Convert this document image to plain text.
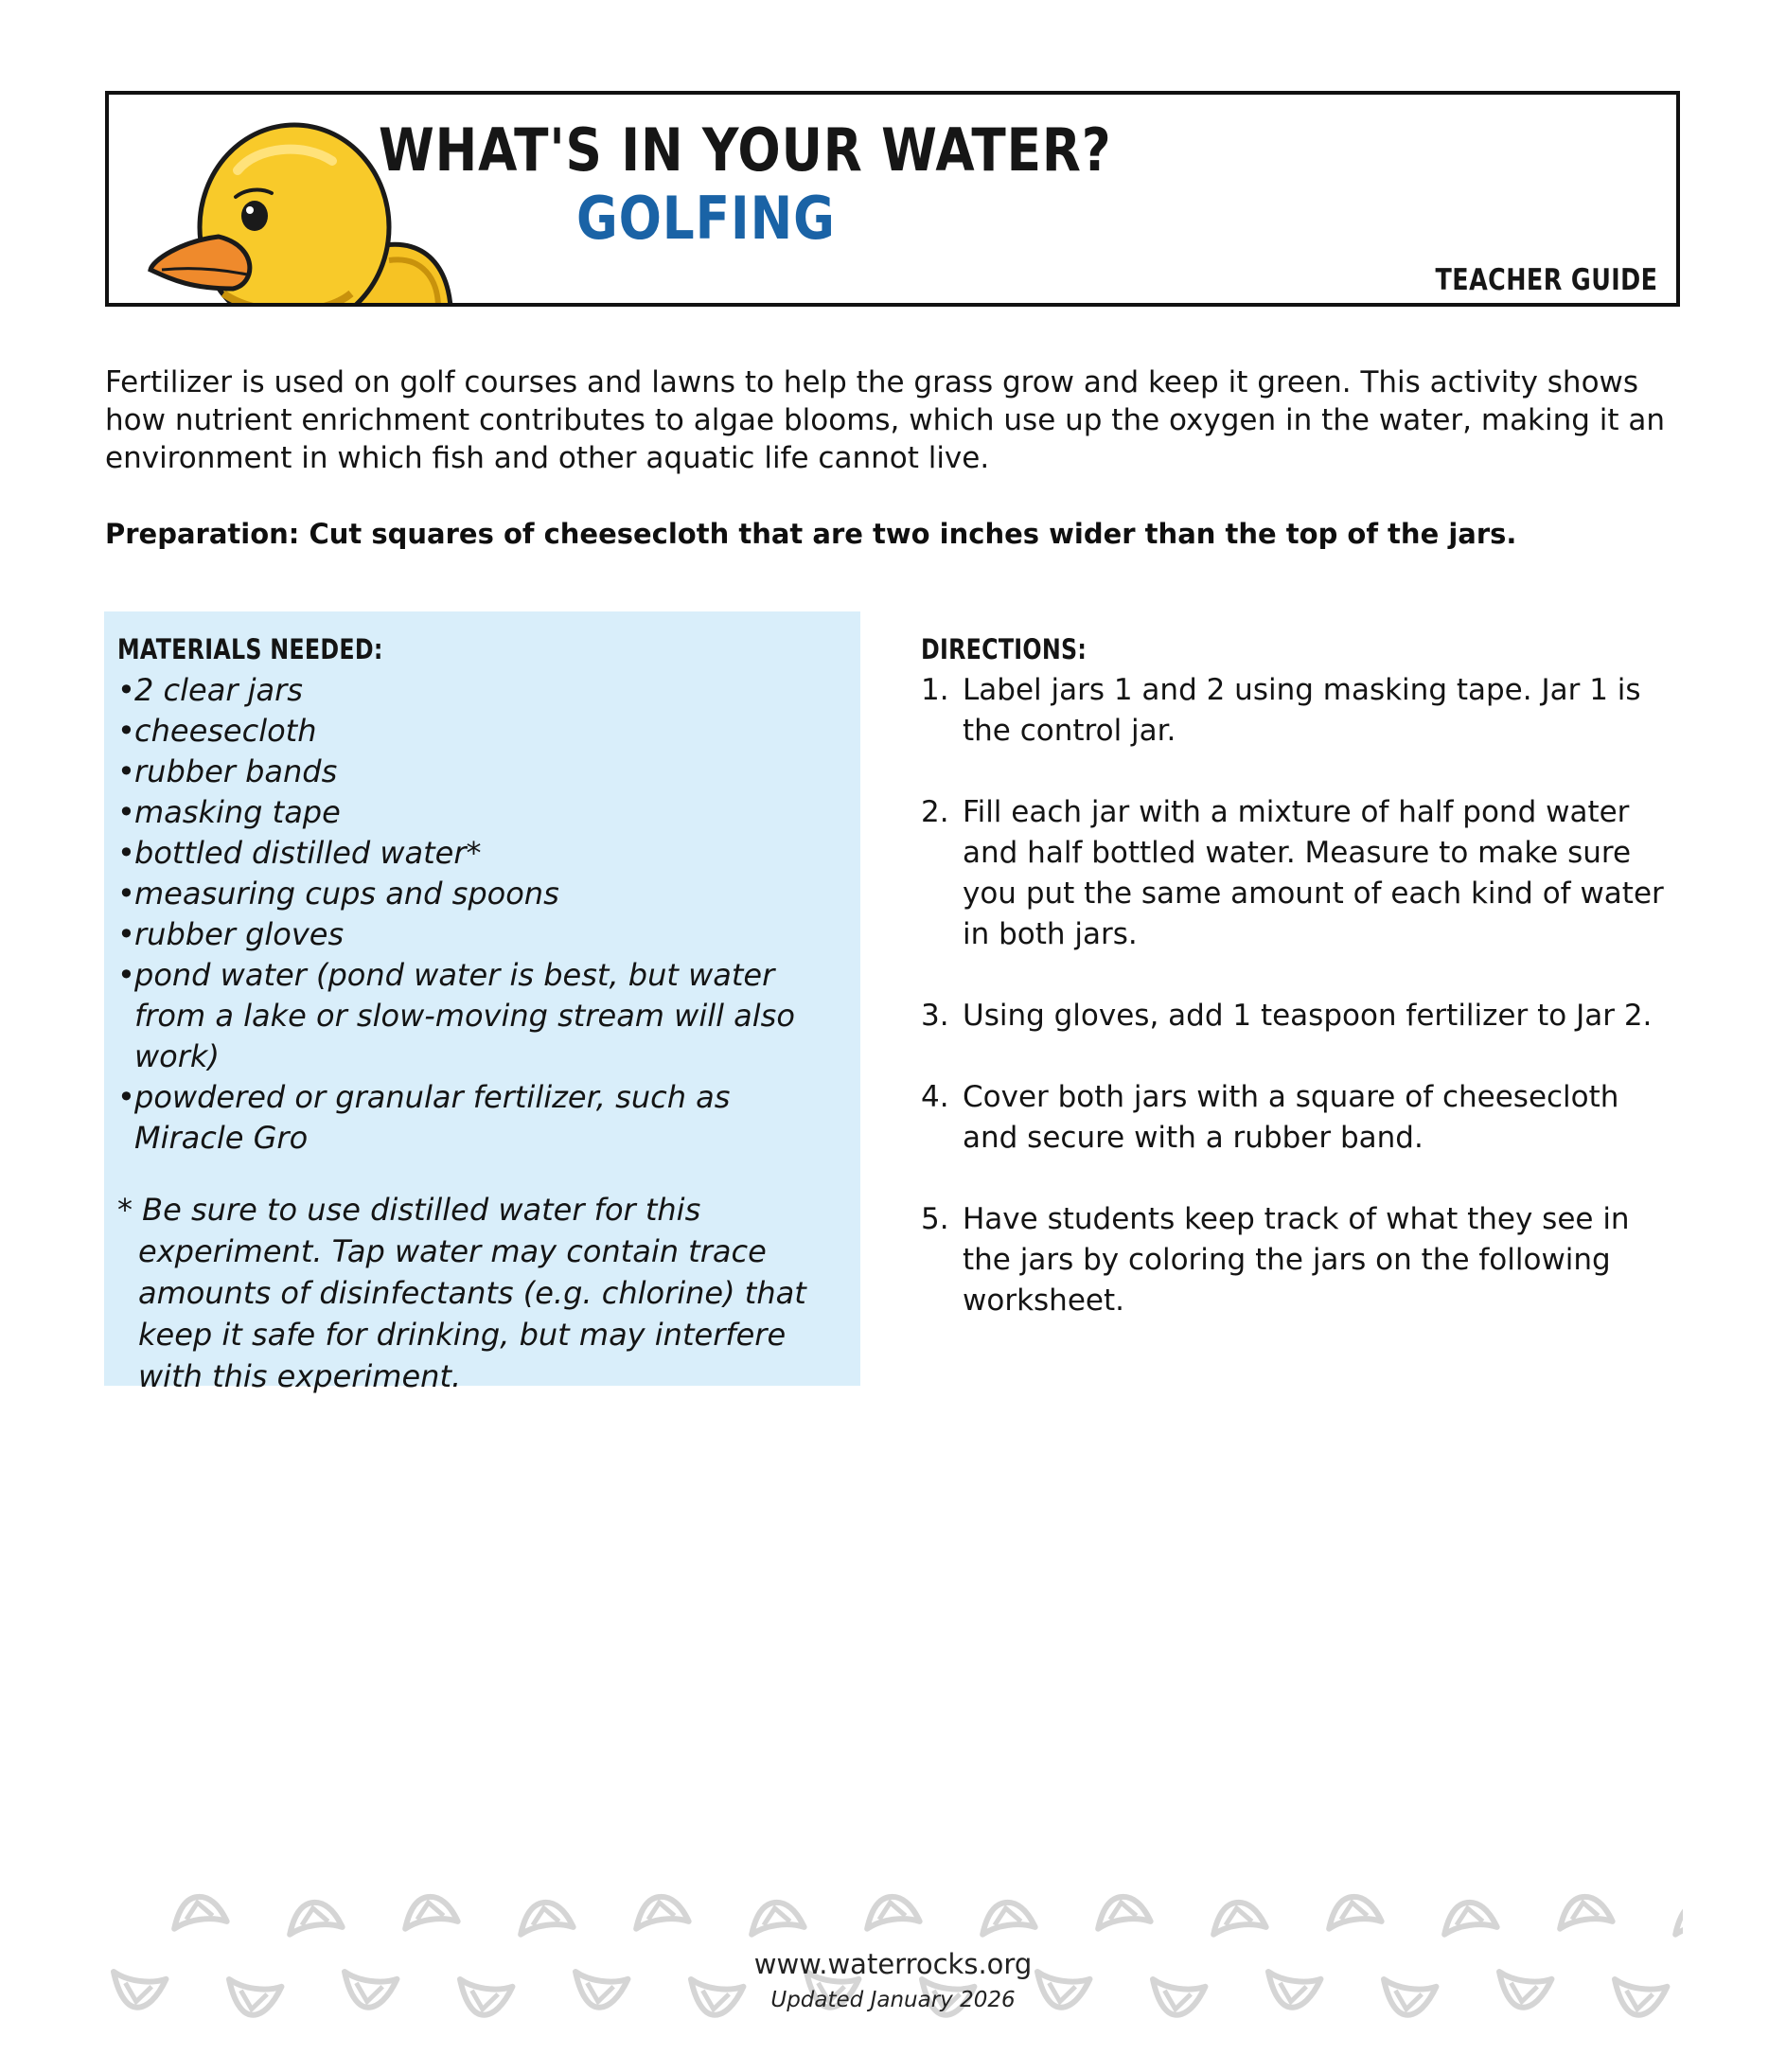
WHAT'S IN YOUR WATER?
GOLFING
TEACHER GUIDE

Fertilizer is used on golf courses and lawns to help the grass grow and keep it green. This activity shows how nutrient enrichment contributes to algae blooms, which use up the oxygen in the water, making it an environment in which fish and other aquatic life cannot live.

Preparation: Cut squares of cheesecloth that are two inches wider than the top of the jars.

MATERIALS NEEDED:
• 2 clear jars
• cheesecloth
• rubber bands
• masking tape
• bottled distilled water*
• measuring cups and spoons
• rubber gloves
• pond water (pond water is best, but water from a lake or slow-moving stream will also work)
• powdered or granular fertilizer, such as Miracle Gro

* Be sure to use distilled water for this experiment. Tap water may contain trace amounts of disinfectants (e.g. chlorine) that keep it safe for drinking, but may interfere with this experiment.

DIRECTIONS:
1. Label jars 1 and 2 using masking tape. Jar 1 is the control jar.
2. Fill each jar with a mixture of half pond water and half bottled water. Measure to make sure you put the same amount of each kind of water in both jars.
3. Using gloves, add 1 teaspoon fertilizer to Jar 2.
4. Cover both jars with a square of cheesecloth and secure with a rubber band.
5. Have students keep track of what they see in the jars by coloring the jars on the following worksheet.
www.waterrocks.org
Updated January 2026
